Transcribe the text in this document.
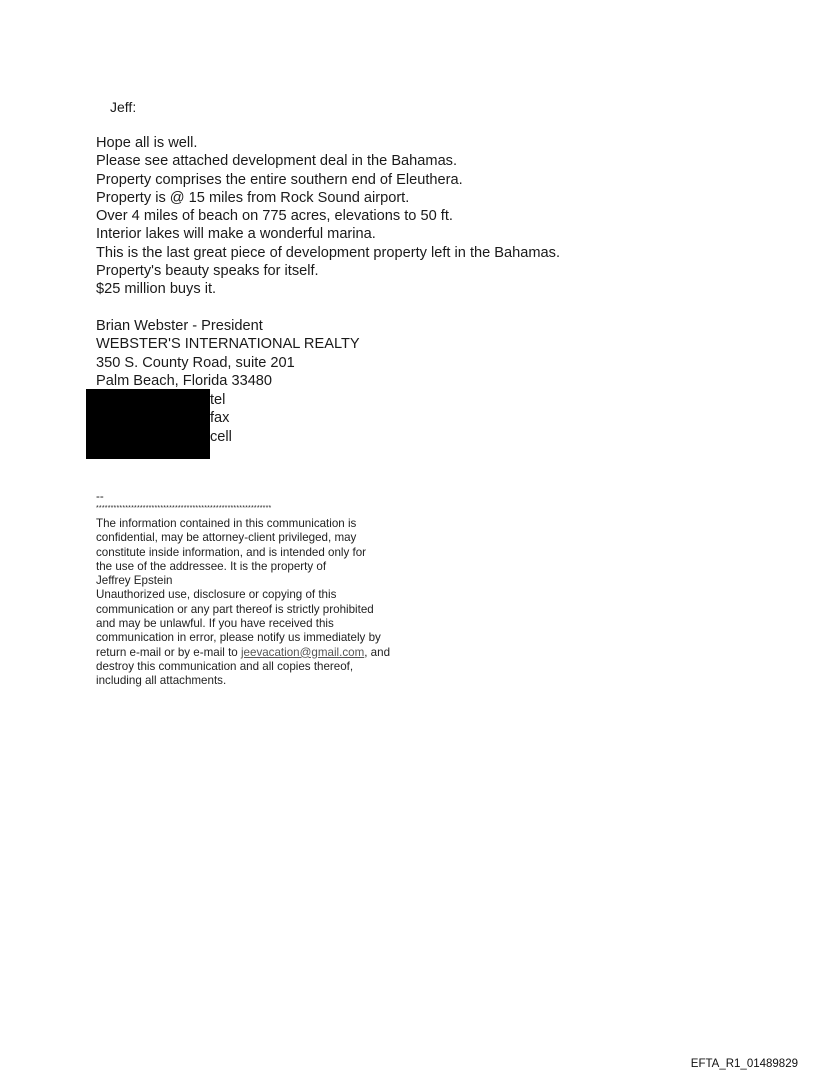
Jeff:

Hope all is well.
Please see attached development deal in the Bahamas.
Property comprises the entire southern end of Eleuthera.
Property is @ 15 miles from Rock Sound airport.
Over 4 miles of beach on 775 acres, elevations to 50 ft.
Interior lakes will make a wonderful marina.
This is the last great piece of development property left in the Bahamas.
Property's beauty speaks for itself.
$25 million buys it.
Brian Webster - President
WEBSTER'S INTERNATIONAL REALTY
350 S. County Road, suite 201
Palm Beach, Florida 33480
tel
fax
cell

--

************************************************************

The information contained in this communication is
confidential, may be attorney-client privileged, may
constitute inside information, and is intended only for
the use of the addressee. It is the property of
Jeffrey Epstein
Unauthorized use, disclosure or copying of this
communication or any part thereof is strictly prohibited
and may be unlawful. If you have received this
communication in error, please notify us immediately by
return e-mail or by e-mail to jeevacation@gmail.com, and
destroy this communication and all copies thereof,
including all attachments.
EFTA_R1_01489829
